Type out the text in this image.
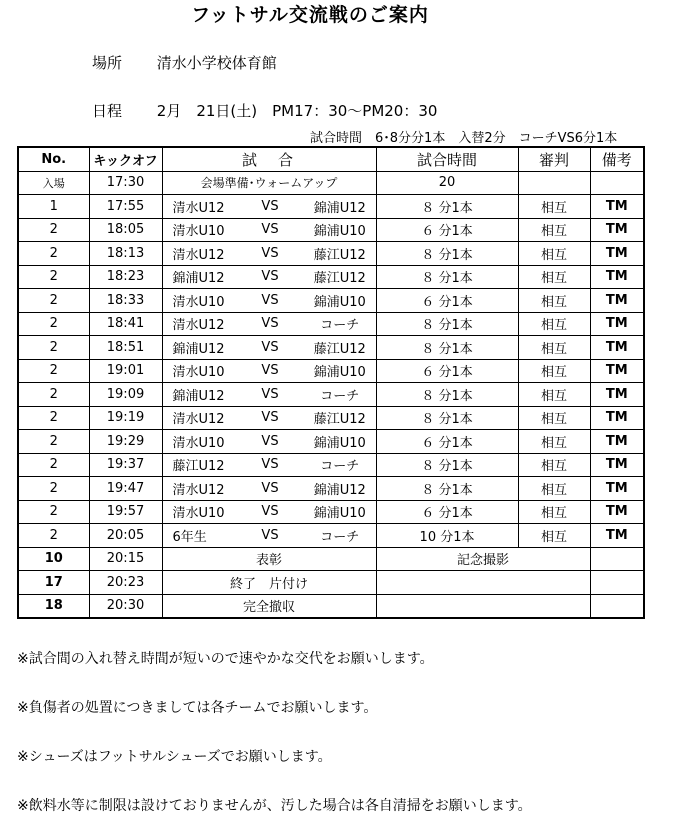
フットサル交流戦のご案内
場所 清水小学校体育館
日程 2月　21日(土)　PM17：30～PM20：30
試合時間　6･8分分1本　入替2分　コーチVS6分1本
No.	キックオフ	試　合			試合時間	審判	備考
入場	17:30	会場準備･ウォームアップ			20		
1	17:55	清水U12	VS	錦浦U12	８ 分1本	相互	TM
2	18:05	清水U10	VS	錦浦U10	６ 分1本	相互	TM
2	18:13	清水U12	VS	藤江U12	８ 分1本	相互	TM
2	18:23	錦浦U12	VS	藤江U12	８ 分1本	相互	TM
2	18:33	清水U10	VS	錦浦U10	６ 分1本	相互	TM
2	18:41	清水U12	VS	コーチ	８ 分1本	相互	TM
2	18:51	錦浦U12	VS	藤江U12	８ 分1本	相互	TM
2	19:01	清水U10	VS	錦浦U10	６ 分1本	相互	TM
2	19:09	錦浦U12	VS	コーチ	８ 分1本	相互	TM
2	19:19	清水U12	VS	藤江U12	８ 分1本	相互	TM
2	19:29	清水U10	VS	錦浦U10	６ 分1本	相互	TM
2	19:37	藤江U12	VS	コーチ	８ 分1本	相互	TM
2	19:47	清水U12	VS	錦浦U12	８ 分1本	相互	TM
2	19:57	清水U10	VS	錦浦U10	６ 分1本	相互	TM
2	20:05	6年生	VS	コーチ	10 分1本	相互	TM
10	20:15	表彰			記念撮影		
17	20:23	終了　片付け					
18	20:30	完全撤収					
※試合間の入れ替え時間が短いので速やかな交代をお願いします。
※負傷者の処置につきましては各チームでお願いします。
※シューズはフットサルシューズでお願いします。
※飲料水等に制限は設けておりませんが、汚した場合は各自清掃をお願いします。
